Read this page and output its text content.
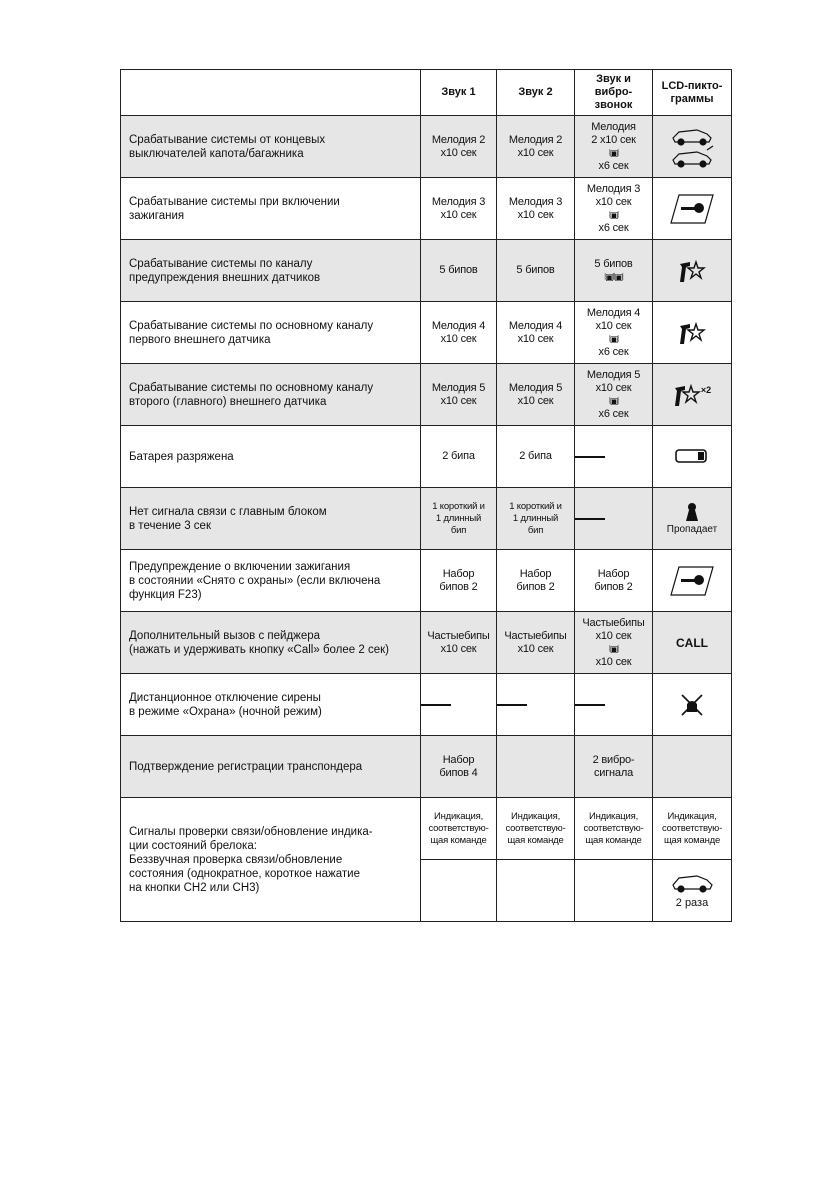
	Звук 1	Звук 2	Звук и
вибро-
звонок	LCD-пикто-
граммы

Срабатывание системы от концевых
выключателей капота/багажника	Мелодия 2
x10 сек	Мелодия 2
x10 сек	Мелодия
2 x10 сек
⦚▣⦚
x6 сек

Срабатывание системы при включении
зажигания	Мелодия 3
x10 сек	Мелодия 3
x10 сек	Мелодия 3
x10 сек
⦚▣⦚
x6 сек

Срабатывание системы по каналу
предупреждения внешних датчиков	5 бипов	5 бипов	5 бипов
⦚▣⦚⦚▣⦚

Срабатывание системы по основному каналу
первого внешнего датчика	Мелодия 4
x10 сек	Мелодия 4
x10 сек	Мелодия 4
x10 сек
⦚▣⦚
x6 сек

Срабатывание системы по основному каналу
второго (главного) внешнего датчика	Мелодия 5
x10 сек	Мелодия 5
x10 сек	Мелодия 5
x10 сек
⦚▣⦚
x6 сек	$^{\times 2}$

Батарея разряжена	2 бипа	2 бипа

Нет сигнала связи с главным блоком
в течение 3 сек	1 короткий и
1 длинный
бип	1 короткий и
1 длинный
бип		Пропадает

Предупреждение о включении зажигания
в состоянии «Снято с охраны» (если включена
функция F23)	Набор
бипов 2	Набор
бипов 2	Набор
бипов 2

Дополнительный вызов с пейджера
(нажать и удерживать кнопку «Call» более 2 сек)	Частыебипы
x10 сек	Частыебипы
x10 сек	Частыебипы
x10 сек
⦚▣⦚
x10 сек	CALL

Дистанционное отключение сирены
в режиме «Охрана» (ночной режим)

Подтверждение регистрации транспондера	Набор
бипов 4		2 вибро-
сигнала	

Сигналы проверки связи/обновление индика-
ции состояний брелока:
Беззвучная проверка связи/обновление
состояния (однократное, короткое нажатие
на кнопки CH2 или CH3)	Индикация,
соответствую-
щая команде	Индикация,
соответствую-
щая команде	Индикация,
соответствую-
щая команде	Индикация,
соответствую-
щая команде

				2 раза
